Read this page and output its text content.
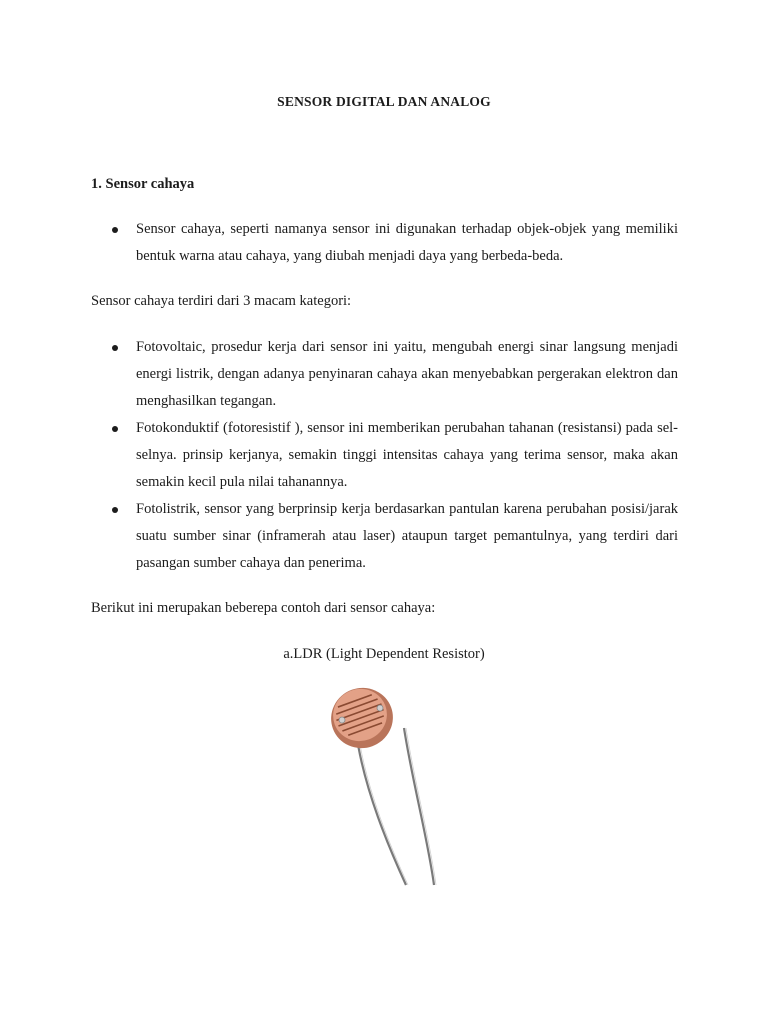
SENSOR DIGITAL DAN ANALOG
1. Sensor cahaya
Sensor cahaya, seperti namanya sensor ini digunakan terhadap objek-objek yang memiliki bentuk warna atau cahaya, yang diubah menjadi daya yang berbeda-beda.
Sensor cahaya terdiri dari 3 macam kategori:
Fotovoltaic, prosedur kerja dari sensor ini yaitu, mengubah energi sinar langsung menjadi energi listrik, dengan adanya penyinaran cahaya akan menyebabkan pergerakan elektron dan menghasilkan tegangan.
Fotokonduktif (fotoresistif ), sensor ini memberikan perubahan tahanan (resistansi) pada sel-selnya. prinsip kerjanya, semakin tinggi intensitas cahaya yang terima sensor, maka akan semakin kecil pula nilai tahanannya.
Fotolistrik, sensor yang berprinsip kerja berdasarkan pantulan karena perubahan posisi/jarak suatu sumber sinar (inframerah atau laser) ataupun target pemantulnya, yang terdiri dari pasangan sumber cahaya dan penerima.
Berikut ini merupakan beberepa contoh dari sensor cahaya:
a.LDR (Light Dependent Resistor)
